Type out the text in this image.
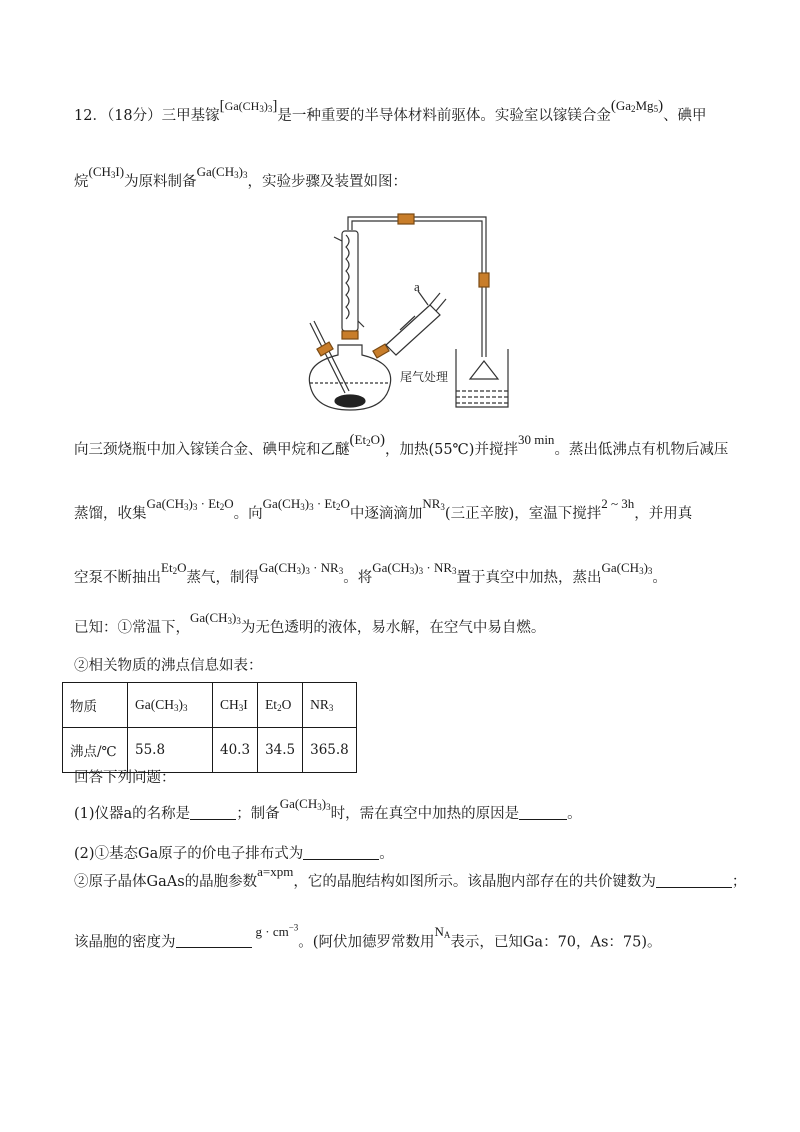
12．（18分）三甲基镓$[Ga(CH_3)_3]$是一种重要的半导体材料前驱体。实验室以镓镁合金$(Ga_2Mg_5)$、碘甲
烷$(CH_3I)$为原料制备$Ga(CH_3)_3$，实验步骤及装置如图：
a
尾气处理
向三颈烧瓶中加入镓镁合金、碘甲烷和乙醚$(Et_2O)$，加热(55℃)并搅拌30 min。蒸出低沸点有机物后减压
蒸馏，收集$Ga(CH_3)_3 \cdot Et_2O$。向$Ga(CH_3)_3 \cdot Et_2O$中逐滴滴加$NR_3$(三正辛胺)，室温下搅拌2 ~ 3h，并用真
空泵不断抽出$Et_2O$蒸气，制得$Ga(CH_3)_3 \cdot NR_3$。将$Ga(CH_3)_3 \cdot NR_3$置于真空中加热，蒸出$Ga(CH_3)_3$。
已知：①常温下，$Ga(CH_3)_3$为无色透明的液体，易水解，在空气中易自燃。
②相关物质的沸点信息如表：
物质	$Ga(CH_3)_3$	$CH_3I$	$Et_2O$	$NR_3$
沸点/℃	55.8	40.3	34.5	365.8
回答下列问题：
(1)仪器a的名称是	；制备$Ga(CH_3)_3$时，需在真空中加热的原因是	。
(2)①基态Ga原子的价电子排布式为	。
②原子晶体GaAs的晶胞参数a=xpm，它的晶胞结构如图所示。该晶胞内部存在的共价键数为	；
该晶胞的密度为$g \cdot cm^{-3}$。(阿伏加德罗常数用$N_A$表示，已知Ga：70，As：75)。
